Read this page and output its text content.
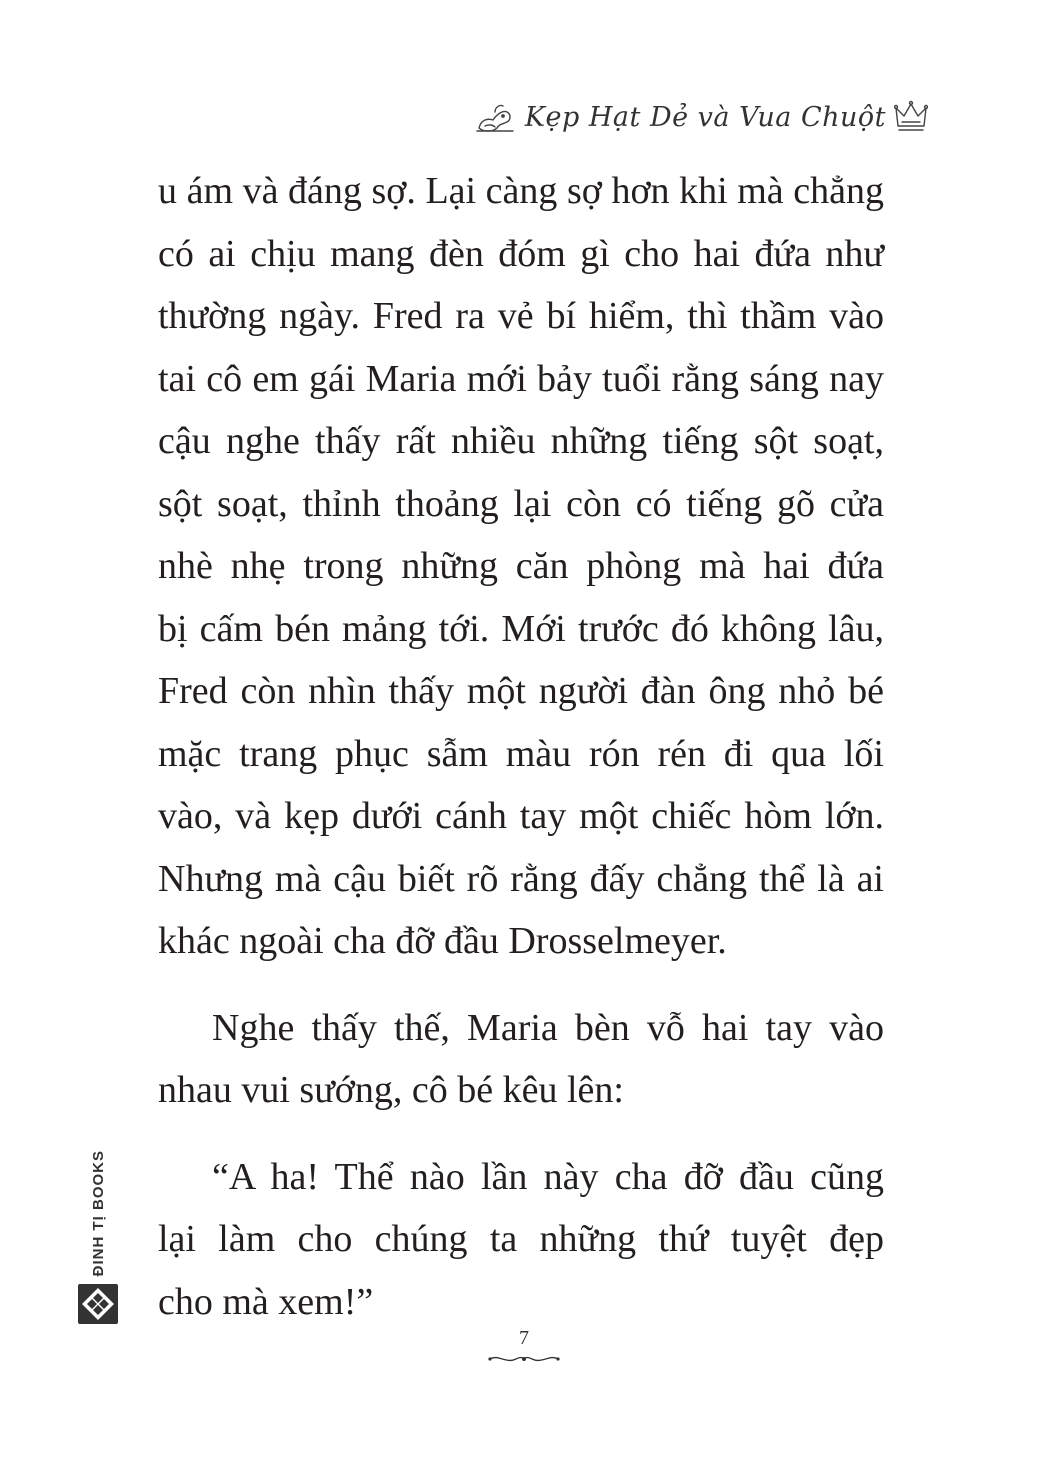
Kẹp Hạt Dẻ và Vua Chuột

u ám và đáng sợ. Lại càng sợ hơn khi mà chẳng
có ai chịu mang đèn đóm gì cho hai đứa như
thường ngày. Fred ra vẻ bí hiểm, thì thầm vào
tai cô em gái Maria mới bảy tuổi rằng sáng nay
cậu nghe thấy rất nhiều những tiếng sột soạt,
sột soạt, thỉnh thoảng lại còn có tiếng gõ cửa
nhè nhẹ trong những căn phòng mà hai đứa
bị cấm bén mảng tới. Mới trước đó không lâu,
Fred còn nhìn thấy một người đàn ông nhỏ bé
mặc trang phục sẫm màu rón rén đi qua lối
vào, và kẹp dưới cánh tay một chiếc hòm lớn.
Nhưng mà cậu biết rõ rằng đấy chẳng thể là ai
khác ngoài cha đỡ đầu Drosselmeyer.

Nghe thấy thế, Maria bèn vỗ hai tay vào
nhau vui sướng, cô bé kêu lên:

“A ha! Thể nào lần này cha đỡ đầu cũng
lại làm cho chúng ta những thứ tuyệt đẹp
cho mà xem!”

ĐINH TỊ BOOKS
7
